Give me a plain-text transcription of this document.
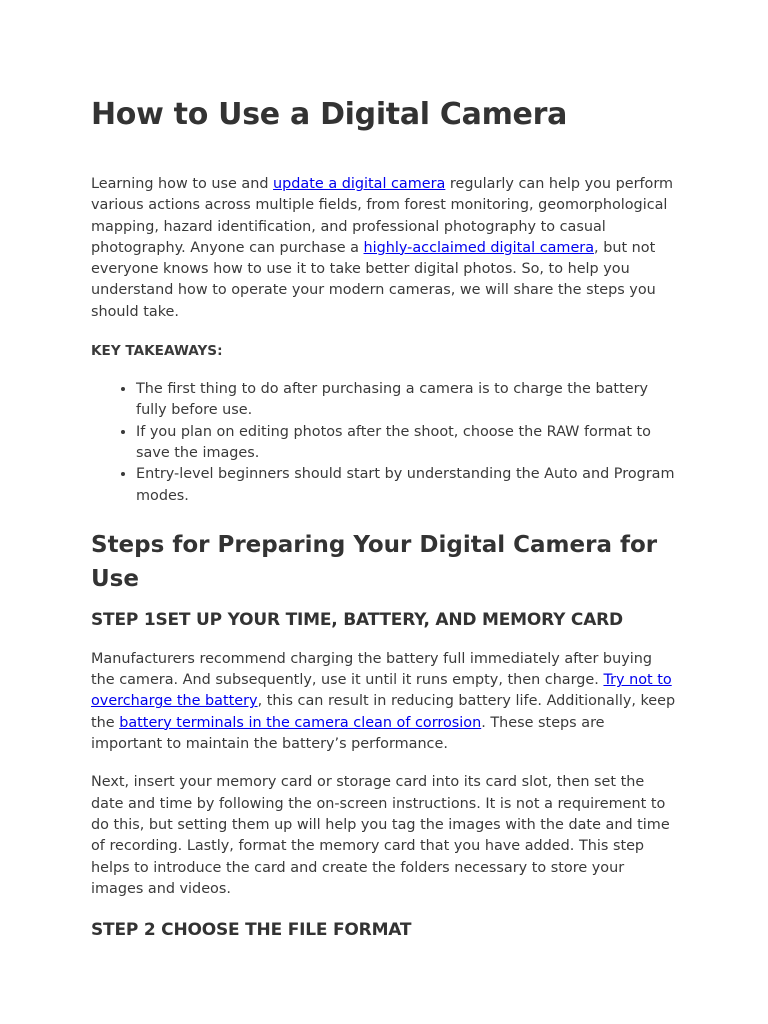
How to Use a Digital Camera

Learning how to use and update a digital camera regularly can help you perform various actions across multiple fields, from forest monitoring, geomorphological mapping, hazard identification, and professional photography to casual photography. Anyone can purchase a highly-acclaimed digital camera, but not everyone knows how to use it to take better digital photos. So, to help you understand how to operate your modern cameras, we will share the steps you should take.

KEY TAKEAWAYS:

• The first thing to do after purchasing a camera is to charge the battery fully before use.
• If you plan on editing photos after the shoot, choose the RAW format to save the images.
• Entry-level beginners should start by understanding the Auto and Program modes.
Steps for Preparing Your Digital Camera for Use
STEP 1SET UP YOUR TIME, BATTERY, AND MEMORY CARD

Manufacturers recommend charging the battery full immediately after buying the camera. And subsequently, use it until it runs empty, then charge. Try not to overcharge the battery, this can result in reducing battery life. Additionally, keep the battery terminals in the camera clean of corrosion. These steps are important to maintain the battery’s performance.

Next, insert your memory card or storage card into its card slot, then set the date and time by following the on-screen instructions. It is not a requirement to do this, but setting them up will help you tag the images with the date and time of recording. Lastly, format the memory card that you have added. This step helps to introduce the card and create the folders necessary to store your images and videos.

STEP 2 CHOOSE THE FILE FORMAT
